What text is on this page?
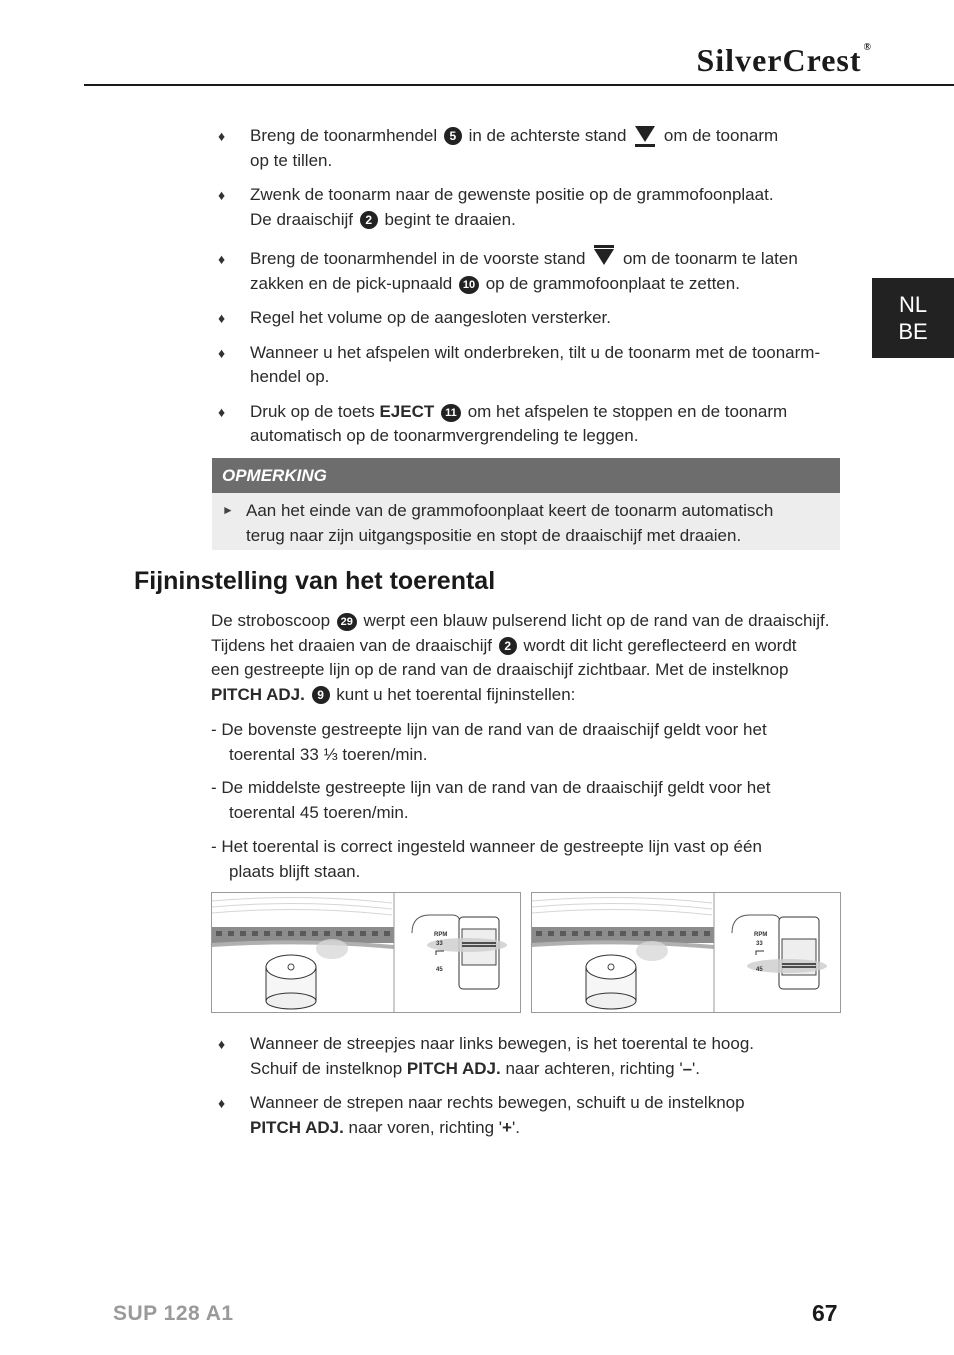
SilverCrest ®
NL
BE

♦ Breng de toonarmhendel 5 in de achterste stand  om de toonarm
op te tillen.

♦ Zwenk de toonarm naar de gewenste positie op de grammofoonplaat.
De draaischijf 2 begint te draaien.

♦ Breng de toonarmhendel in de voorste stand  om de toonarm te laten
zakken en de pick-upnaald 10 op de grammofoonplaat te zetten.

♦ Regel het volume op de aangesloten versterker.

♦ Wanneer u het afspelen wilt onderbreken, tilt u de toonarm met de toonarm-
hendel op.

♦ Druk op de toets EJECT 11 om het afspelen te stoppen en de toonarm
automatisch op de toonarmvergrendeling te leggen.

OPMERKING
► Aan het einde van de grammofoonplaat keert de toonarm automatisch
terug naar zijn uitgangspositie en stopt de draaischijf met draaien.
Fijninstelling van het toerental
De stroboscoop 29 werpt een blauw pulserend licht op de rand van de draaischijf.
Tijdens het draaien van de draaischijf 2 wordt dit licht gereflecteerd en wordt
een gestreepte lijn op de rand van de draaischijf zichtbaar. Met de instelknop
PITCH ADJ. 9 kunt u het toerental fijninstellen:
- De bovenste gestreepte lijn van de rand van de draaischijf geldt voor het
toerental 33 ⅓ toeren/min.
- De middelste gestreepte lijn van de rand van de draaischijf geldt voor het
toerental 45 toeren/min.
- Het toerental is correct ingesteld wanneer de gestreepte lijn vast op één
plaats blijft staan.
RPM
33
45
RPM
33
45

♦ Wanneer de streepjes naar links bewegen, is het toerental te hoog.
Schuif de instelknop PITCH ADJ. naar achteren, richting '–'.

♦ Wanneer de strepen naar rechts bewegen, schuift u de instelknop
PITCH ADJ. naar voren, richting '+'.

SUP 128 A1	67
